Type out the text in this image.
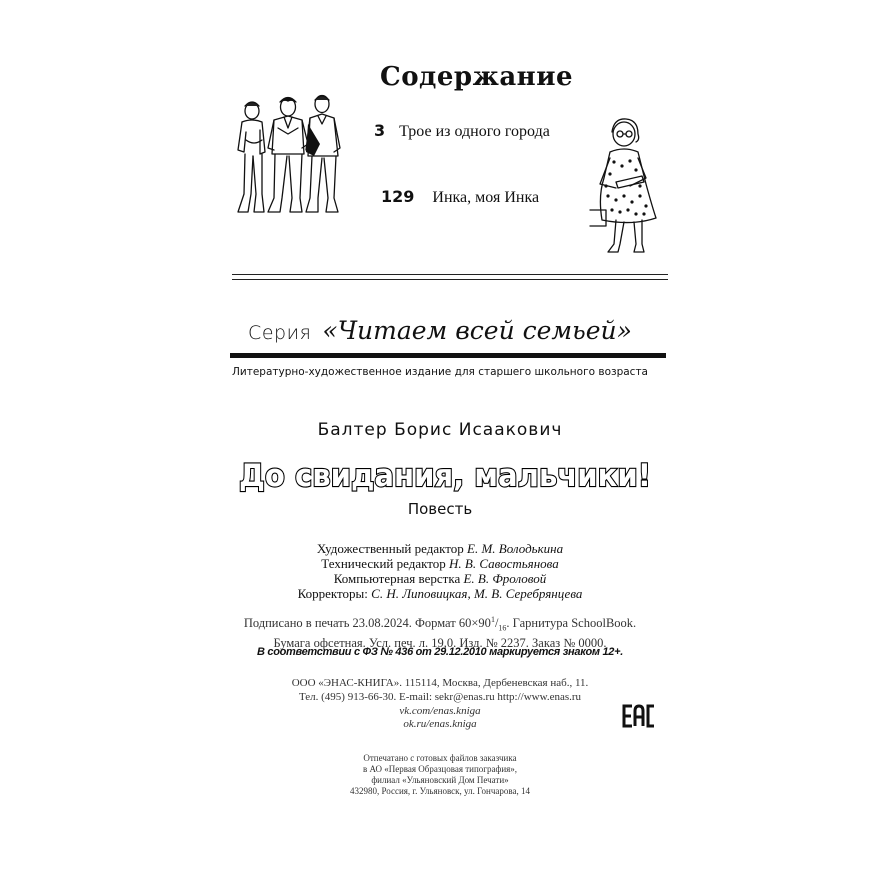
Содержание
3 Трое из одного города
129 Инка, моя Инка
Серия «Читаем всей семьей»
Литературно-художественное издание для старшего школьного возраста
Балтер Борис Исаакович
До свидания, мальчики!
Повесть
Художественный редактор Е. М. Володькина
Технический редактор Н. В. Савостьянова
Компьютерная верстка Е. В. Фроловой
Корректоры: С. Н. Липовицкая, М. В. Серебрянцева
Подписано в печать 23.08.2024. Формат $60\times 90^1/_{16}$. Гарнитура SchoolBook.
Бумага офсетная. Усл. печ. л. 19,0. Изд. № 2237. Заказ № 0000.
В соответствии с ФЗ № 436 от 29.12.2010 маркируется знаком 12+.
ООО «ЭНАС-КНИГА». 115114, Москва, Дербеневская наб., 11.
Тел. (495) 913-66-30. E-mail: sekr@enas.ru http://www.enas.ru
vk.com/enas.kniga
ok.ru/enas.kniga
Отпечатано с готовых файлов заказчика
в АО «Первая Образцовая типография»,
филиал «Ульяновский Дом Печати»
432980, Россия, г. Ульяновск, ул. Гончарова, 14
